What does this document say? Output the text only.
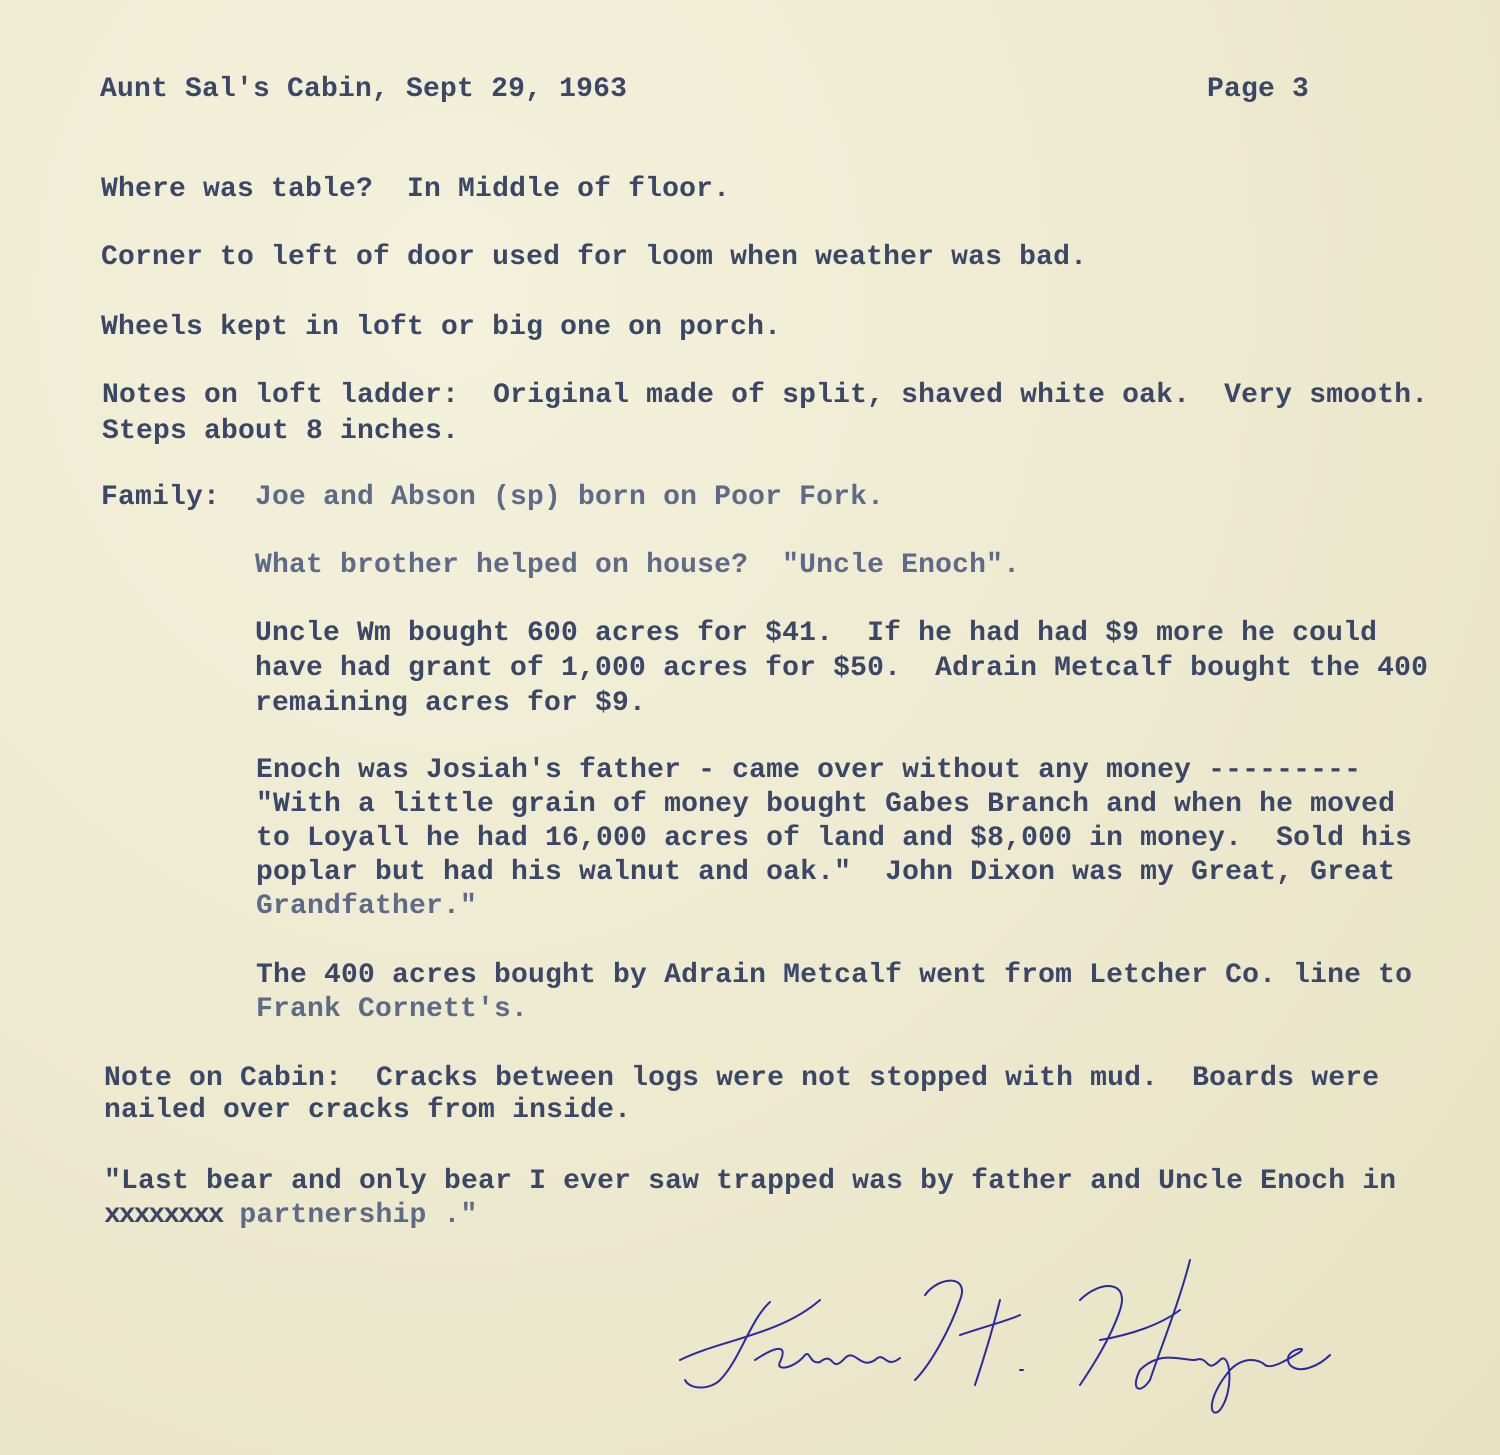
Aunt Sal's Cabin, Sept 29, 1963	Page 3
Where was table?  In Middle of floor.
Corner to left of door used for loom when weather was bad.
Wheels kept in loft or big one on porch.
Notes on loft ladder:  Original made of split, shaved white oak.  Very smooth.
Steps about 8 inches.
Family: Joe and Abson (sp) born on Poor Fork.
What brother helped on house?  "Uncle Enoch".
Uncle Wm bought 600 acres for $41.  If he had had $9 more he could
have had grant of 1,000 acres for $50.  Adrain Metcalf bought the 400
remaining acres for $9.
Enoch was Josiah's father - came over without any money ---------
"With a little grain of money bought Gabes Branch and when he moved
to Loyall he had 16,000 acres of land and $8,000 in money.  Sold his
poplar but had his walnut and oak."  John Dixon was my Great, Great
Grandfather."
The 400 acres bought by Adrain Metcalf went from Letcher Co. line to
Frank Cornett's.
Note on Cabin:  Cracks between logs were not stopped with mud.  Boards were
nailed over cracks from inside.
"Last bear and only bear I ever saw trapped was by father and Uncle Enoch in
xxxxxxxx partnership ."
